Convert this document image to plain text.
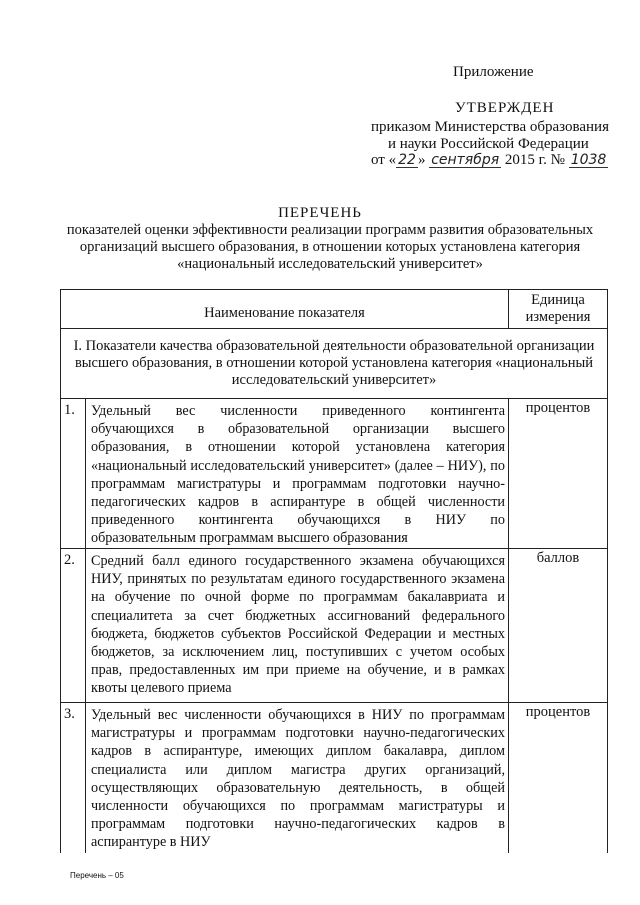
Приложение
УТВЕРЖДЕН
приказом Министерства образования
и науки Российской Федерации
от « 22 » сентября 2015 г. № 1038
ПЕРЕЧЕНЬ
показателей оценки эффективности реализации программ развития образовательных организаций высшего образования, в отношении которых установлена категория «национальный исследовательский университет»
Наименование показателя
Единица измерения
I. Показатели качества образовательной деятельности образовательной организации высшего образования, в отношении которой установлена категория «национальный исследовательский университет»
1. Удельный вес численности приведенного контингента обучающихся в образовательной организации высшего образования, в отношении которой установлена категория «национальный исследовательский университет» (далее – НИУ), по программам магистратуры и программам подготовки научно-педагогических кадров в аспирантуре в общей численности приведенного контингента обучающихся в НИУ по образовательным программам высшего образования
процентов
2. Средний балл единого государственного экзамена обучающихся НИУ, принятых по результатам единого государственного экзамена на обучение по очной форме по программам бакалавриата и специалитета за счет бюджетных ассигнований федерального бюджета, бюджетов субъектов Российской Федерации и местных бюджетов, за исключением лиц, поступивших с учетом особых прав, предоставленных им при приеме на обучение, и в рамках квоты целевого приема
баллов
3. Удельный вес численности обучающихся в НИУ по программам магистратуры и программам подготовки научно-педагогических кадров в аспирантуре, имеющих диплом бакалавра, диплом специалиста или диплом магистра других организаций, осуществляющих образовательную деятельность, в общей численности обучающихся по программам магистратуры и программам подготовки научно-педагогических кадров в аспирантуре в НИУ
процентов
Перечень – 05
